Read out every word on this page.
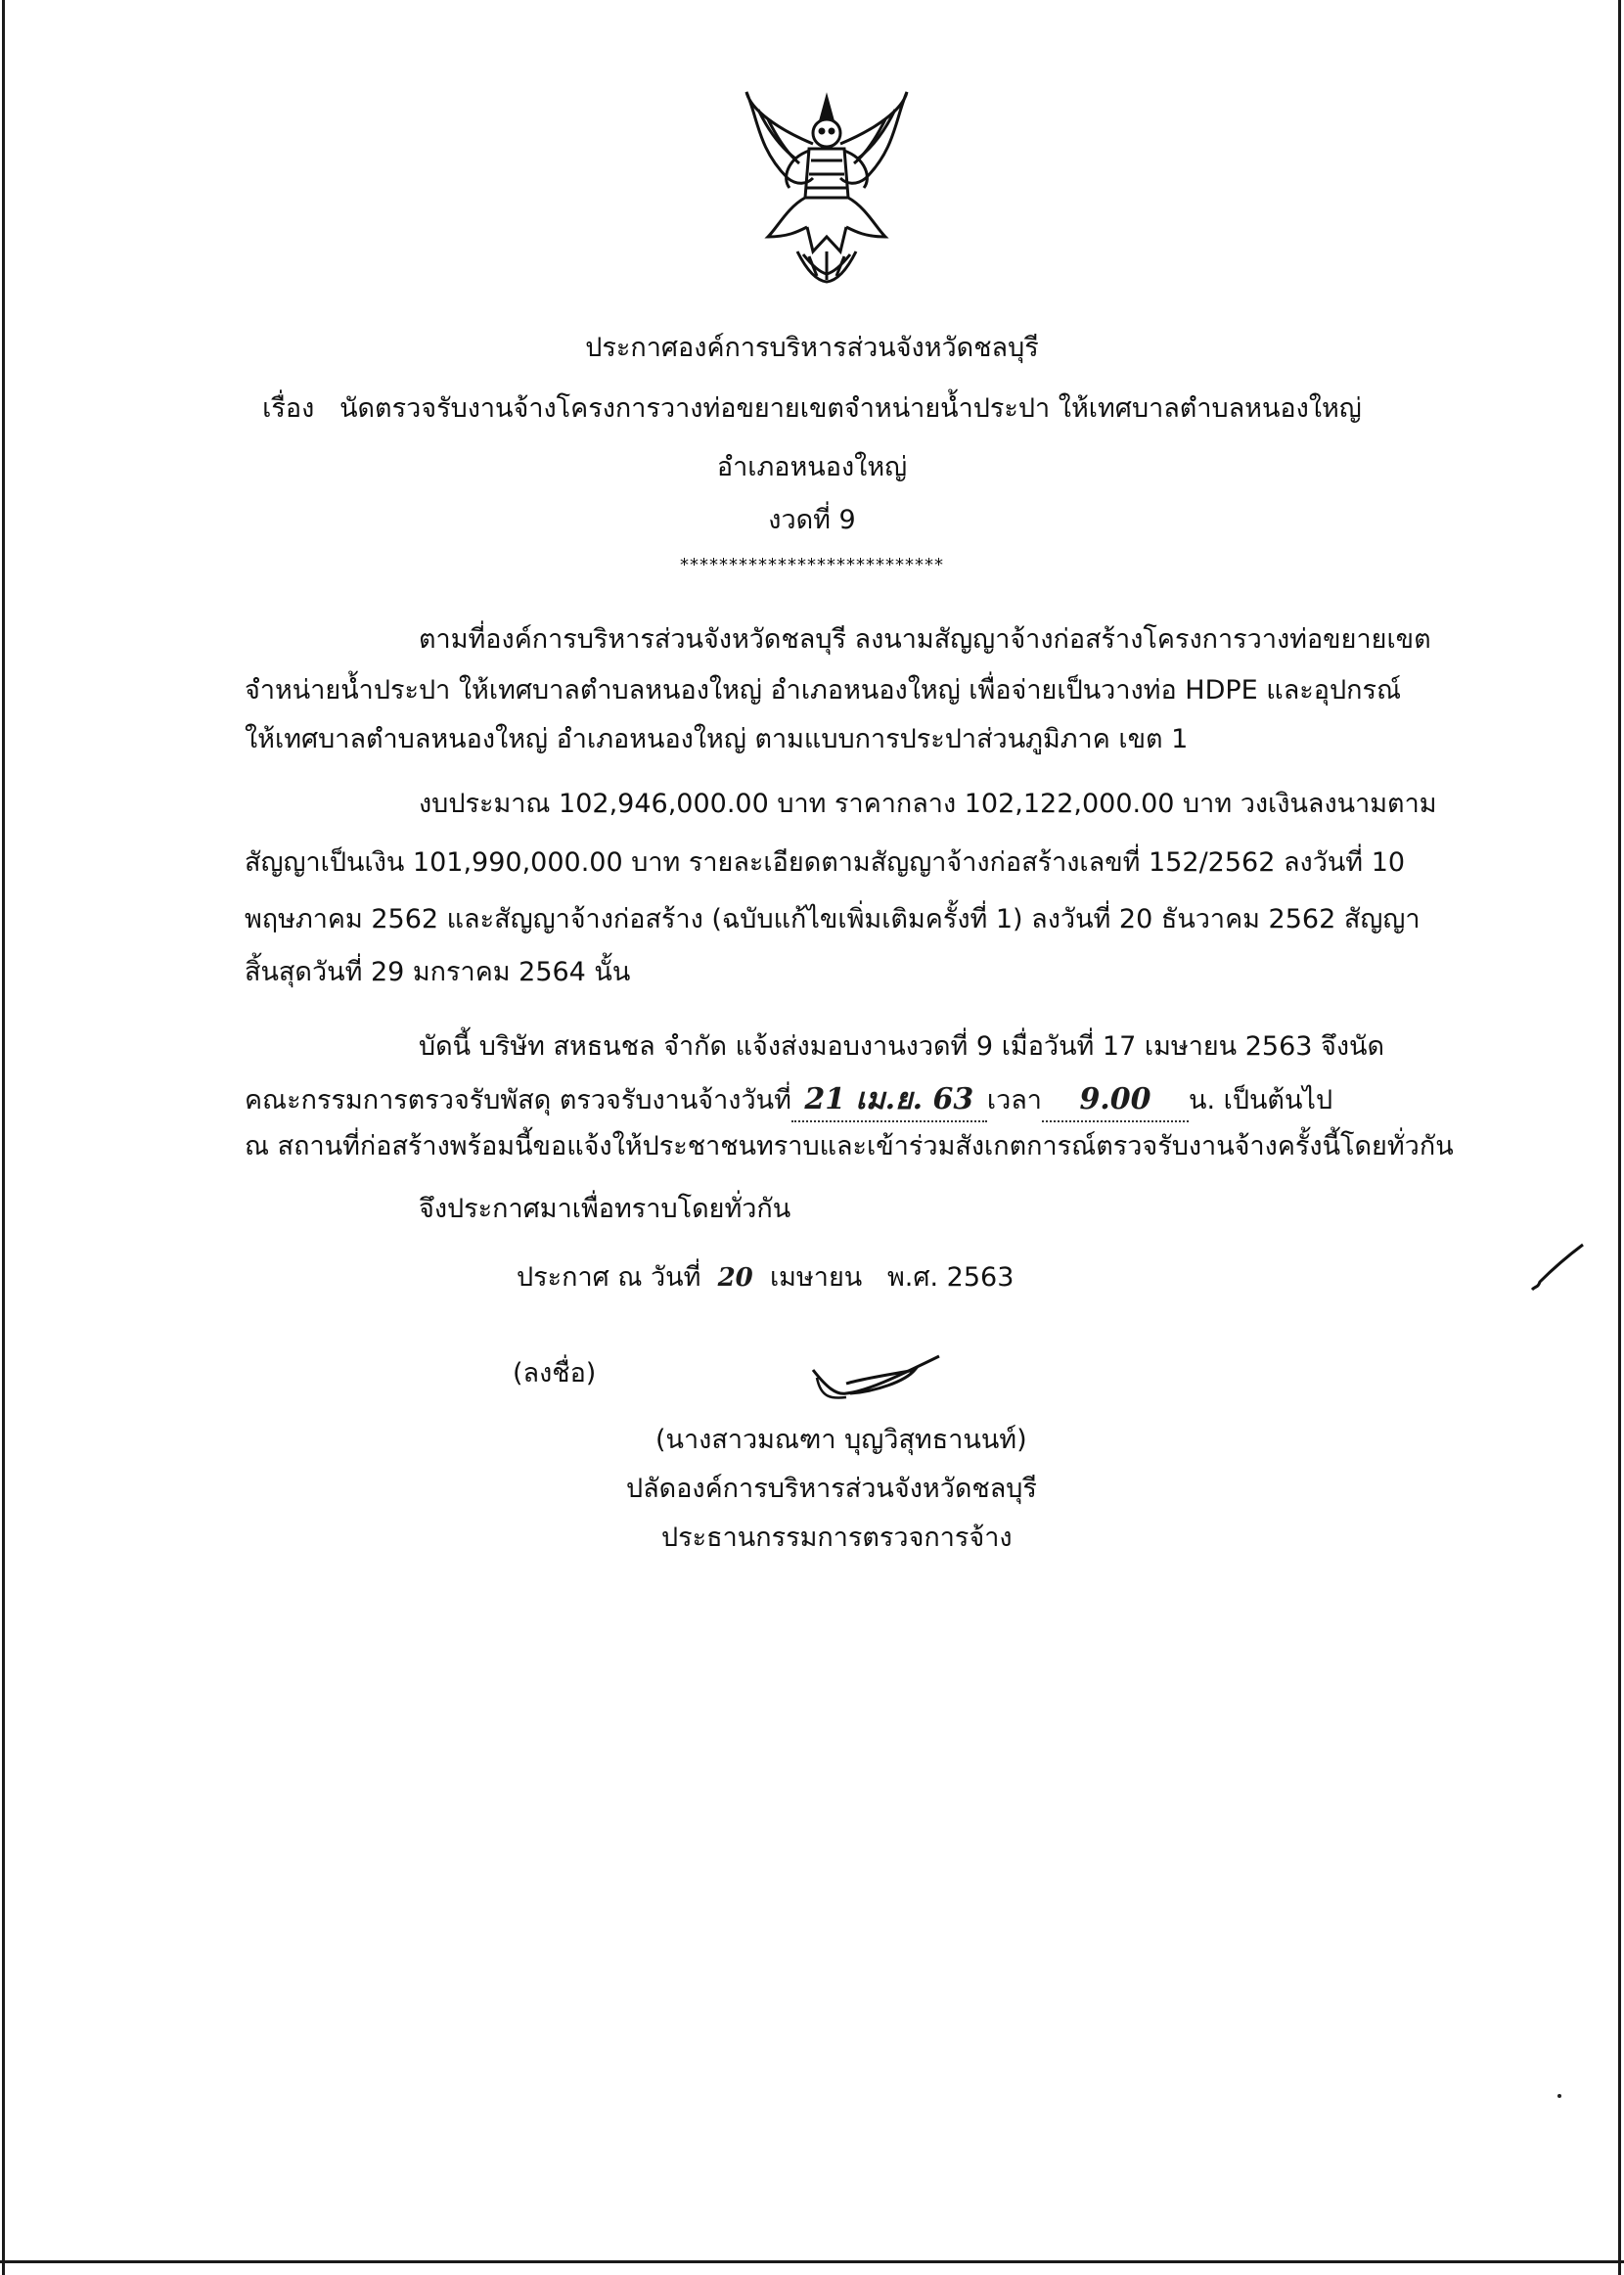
ประกาศองค์การบริหารส่วนจังหวัดชลบุรี
เรื่อง นัดตรวจรับงานจ้างโครงการวางท่อขยายเขตจำหน่ายน้ำประปา ให้เทศบาลตำบลหนองใหญ่
อำเภอหนองใหญ่
งวดที่ 9
***************************
ตามที่องค์การบริหารส่วนจังหวัดชลบุรี ลงนามสัญญาจ้างก่อสร้างโครงการวางท่อขยายเขต
จำหน่ายน้ำประปา ให้เทศบาลตำบลหนองใหญ่ อำเภอหนองใหญ่ เพื่อจ่ายเป็นวางท่อ HDPE และอุปกรณ์
ให้เทศบาลตำบลหนองใหญ่ อำเภอหนองใหญ่ ตามแบบการประปาส่วนภูมิภาค เขต 1
งบประมาณ 102,946,000.00 บาท ราคากลาง 102,122,000.00 บาท วงเงินลงนามตาม
สัญญาเป็นเงิน 101,990,000.00 บาท รายละเอียดตามสัญญาจ้างก่อสร้างเลขที่ 152/2562 ลงวันที่ 10
พฤษภาคม 2562 และสัญญาจ้างก่อสร้าง (ฉบับแก้ไขเพิ่มเติมครั้งที่ 1) ลงวันที่ 20 ธันวาคม 2562 สัญญา
สิ้นสุดวันที่ 29 มกราคม 2564 นั้น
บัดนี้ บริษัท สหธนชล จำกัด แจ้งส่งมอบงานงวดที่ 9 เมื่อวันที่ 17 เมษายน 2563 จึงนัด
คณะกรรมการตรวจรับพัสดุ ตรวจรับงานจ้างวันที่ 21 เม.ย. 63 เวลา 9.00 น. เป็นต้นไป
ณ สถานที่ก่อสร้างพร้อมนี้ขอแจ้งให้ประชาชนทราบและเข้าร่วมสังเกตการณ์ตรวจรับงานจ้างครั้งนี้โดยทั่วกัน
จึงประกาศมาเพื่อทราบโดยทั่วกัน
ประกาศ ณ วันที่ 20 เมษายน พ.ศ. 2563
(ลงชื่อ)
(นางสาวมณฑา บุญวิสุทธานนท์)
ปลัดองค์การบริหารส่วนจังหวัดชลบุรี
ประธานกรรมการตรวจการจ้าง
